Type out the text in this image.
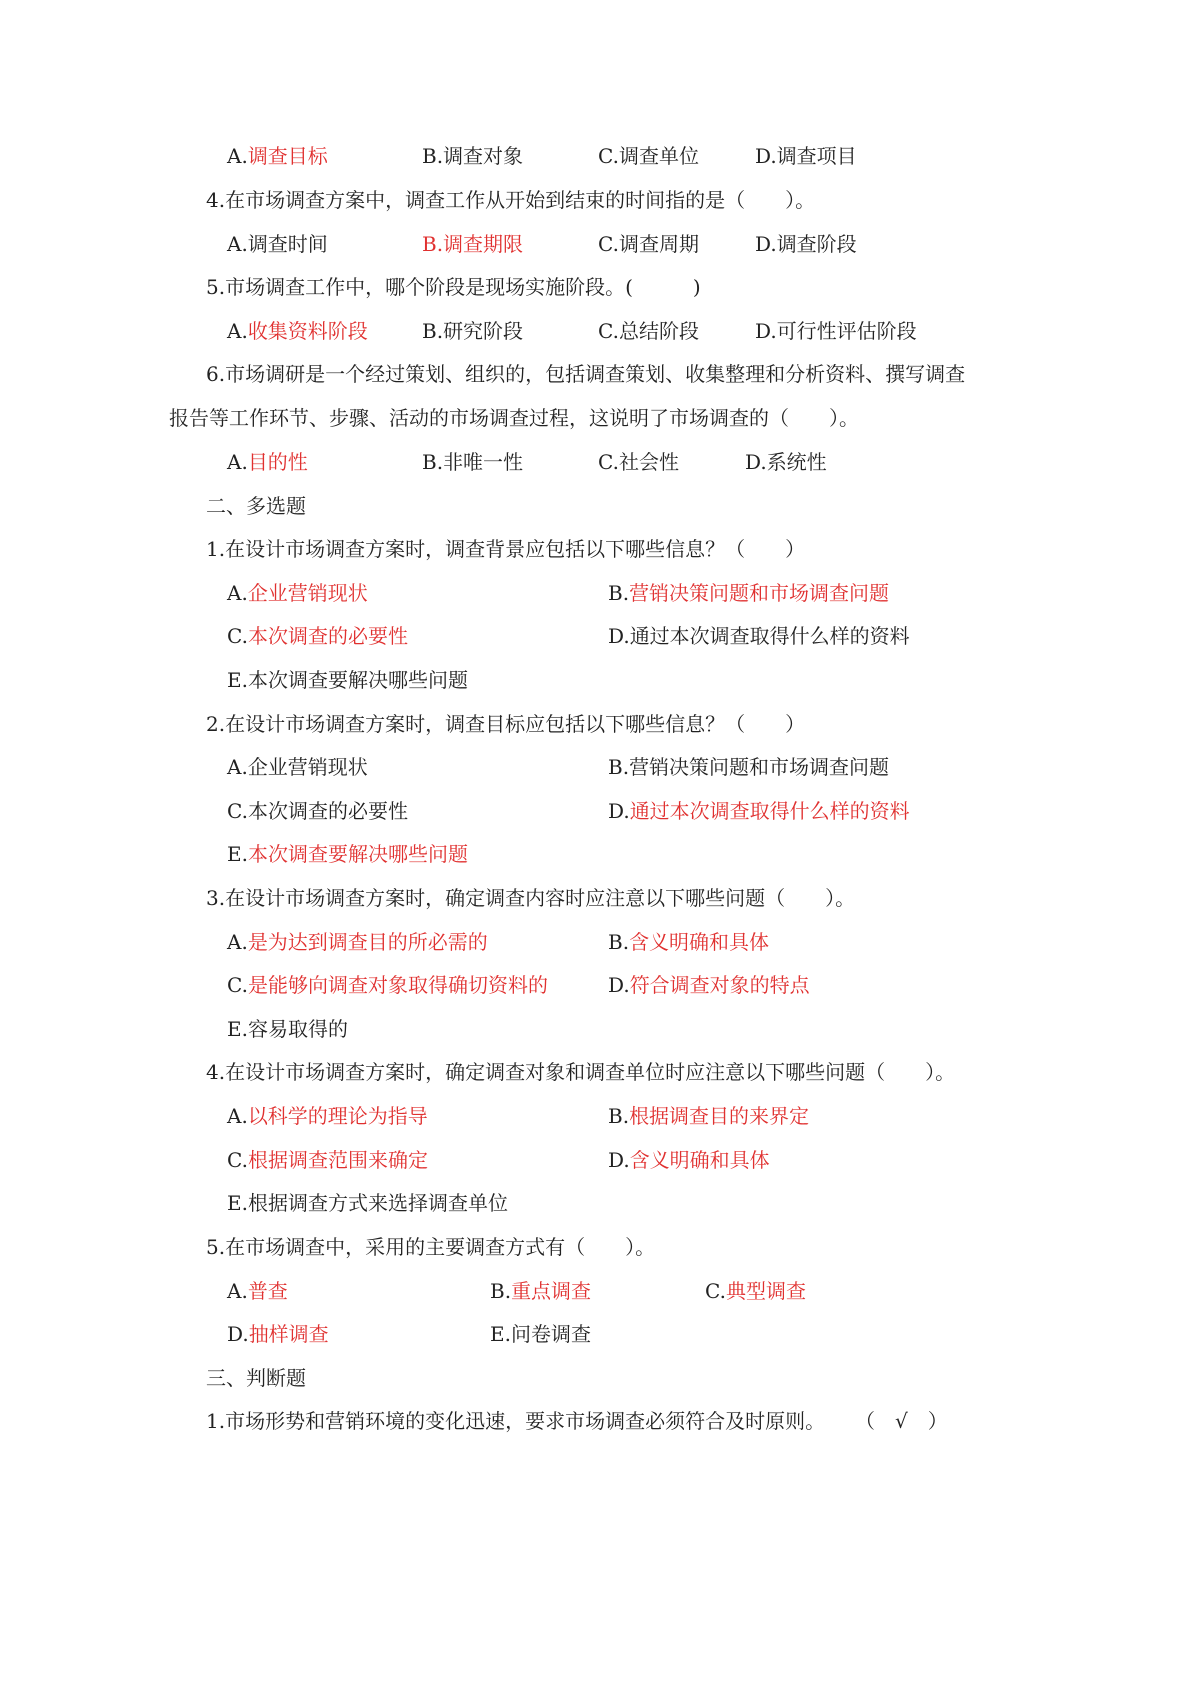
A.调查目标	B.调查对象	C.调查单位	D.调查项目
4.在市场调查方案中，调查工作从开始到结束的时间指的是（　　）。
A.调查时间	B.调查期限	C.调查周期	D.调查阶段
5.市场调查工作中，哪个阶段是现场实施阶段。(　　　)
A.收集资料阶段	B.研究阶段	C.总结阶段	D.可行性评估阶段
6.市场调研是一个经过策划、组织的，包括调查策划、收集整理和分析资料、撰写调查
报告等工作环节、步骤、活动的市场调查过程，这说明了市场调查的（　　）。
A.目的性	B.非唯一性	C.社会性	D.系统性
二、多选题
1.在设计市场调查方案时，调查背景应包括以下哪些信息？（　　）
A.企业营销现状	B.营销决策问题和市场调查问题
C.本次调查的必要性	D.通过本次调查取得什么样的资料
E.本次调查要解决哪些问题
2.在设计市场调查方案时，调查目标应包括以下哪些信息？（　　）
A.企业营销现状	B.营销决策问题和市场调查问题
C.本次调查的必要性	D.通过本次调查取得什么样的资料
E.本次调查要解决哪些问题
3.在设计市场调查方案时，确定调查内容时应注意以下哪些问题（　　）。
A.是为达到调查目的所必需的	B.含义明确和具体
C.是能够向调查对象取得确切资料的	D.符合调查对象的特点
E.容易取得的
4.在设计市场调查方案时，确定调查对象和调查单位时应注意以下哪些问题（　　）。
A.以科学的理论为指导	B.根据调查目的来界定
C.根据调查范围来确定	D.含义明确和具体
E.根据调查方式来选择调查单位
5.在市场调查中，采用的主要调查方式有（　　）。
A.普查	B.重点调查	C.典型调查
D.抽样调查	E.问卷调查
三、判断题
1.市场形势和营销环境的变化迅速，要求市场调查必须符合及时原则。 （　√　）
